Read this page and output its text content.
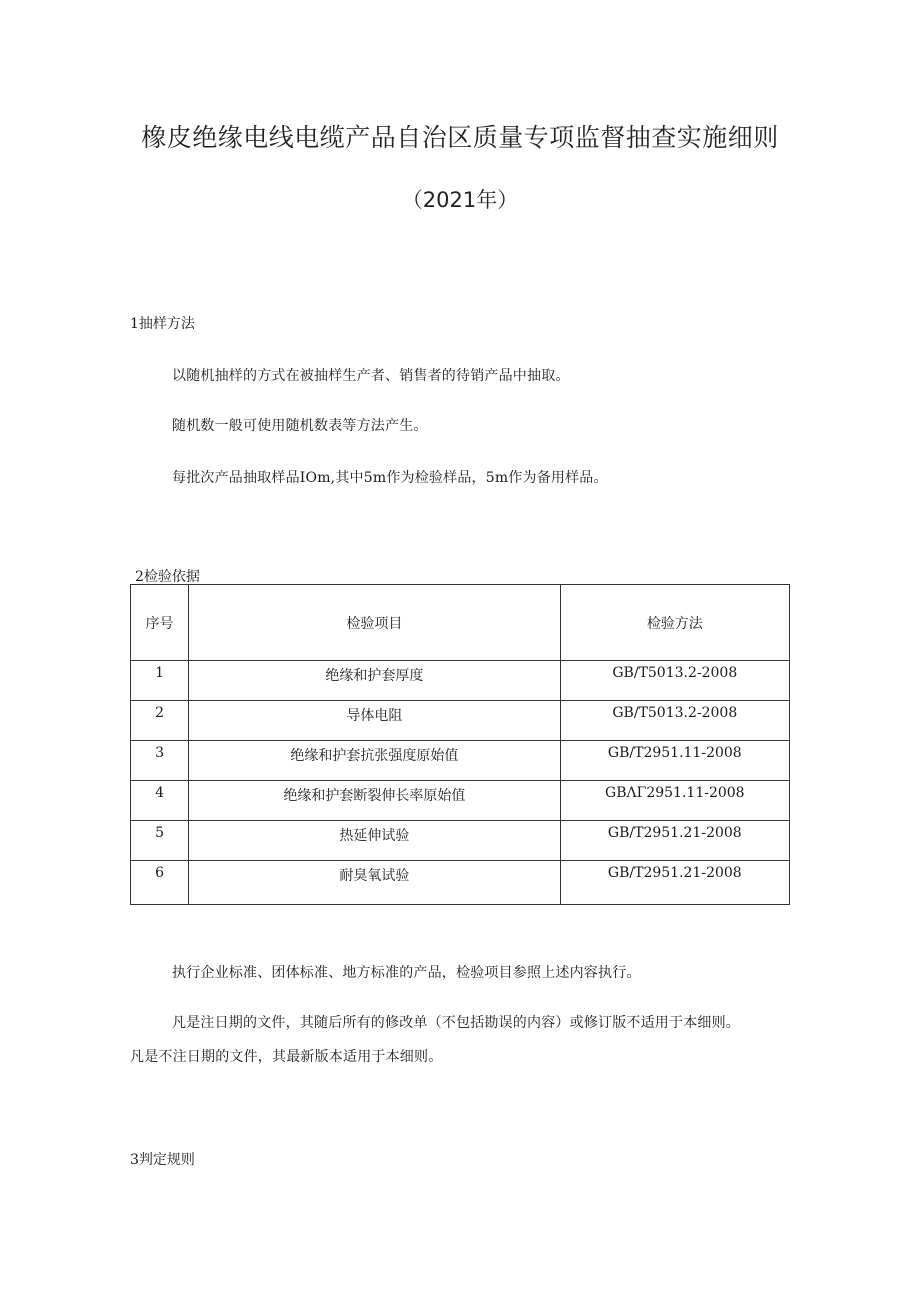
橡皮绝缘电线电缆产品自治区质量专项监督抽查实施细则
（2021年）
1抽样方法
以随机抽样的方式在被抽样生产者、销售者的待销产品中抽取。
随机数一般可使用随机数表等方法产生。
每批次产品抽取样品IOm,其中5m作为检验样品，5m作为备用样品。
2检验依据
序号	检验项目	检验方法
1	绝缘和护套厚度	GB/T5013.2-2008
2	导体电阻	GB/T5013.2-2008
3	绝缘和护套抗张强度原始值	GB/T2951.11-2008
4	绝缘和护套断裂伸长率原始值	GBΛΓ2951.11-2008
5	热延伸试验	GB/T2951.21-2008
6	耐臭氧试验	GB/T2951.21-2008
执行企业标准、团体标准、地方标准的产品，检验项目参照上述内容执行。
凡是注日期的文件，其随后所有的修改单（不包括勘误的内容）或修订版不适用于本细则。
凡是不注日期的文件，其最新版本适用于本细则。
3判定规则
